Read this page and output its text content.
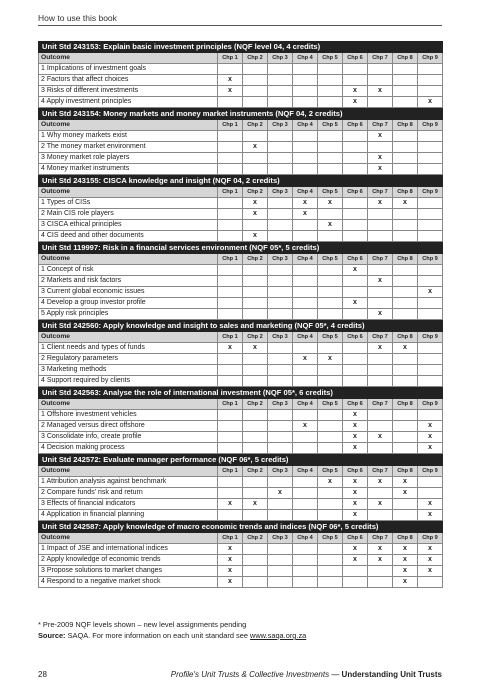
How to use this book
Unit Std 243153: Explain basic investment principles (NQF level 04, 4 credits)									
Outcome	Chp 1	Chp 2	Chp 3	Chp 4	Chp 5	Chp 6	Chp 7	Chp 8	Chp 9
1 Implications of investment goals									
2 Factors that affect choices	x								
3 Risks of different investments	x					x	x		
4 Apply investment principles						x			x
Unit Std 243154: Money markets and money market instruments (NQF 04, 2 credits)									
Outcome	Chp 1	Chp 2	Chp 3	Chp 4	Chp 5	Chp 6	Chp 7	Chp 8	Chp 9
1 Why money markets exist							x		
2 The money market environment		x							
3 Money market role players							x		
4 Money market instruments							x		
Unit Std 243155: CISCA knowledge and insight (NQF 04, 2 credits)									
Outcome	Chp 1	Chp 2	Chp 3	Chp 4	Chp 5	Chp 6	Chp 7	Chp 8	Chp 9
1 Types of CISs		x		x	x		x	x	
2 Main CIS role players		x		x					
3 CISCA ethical principles					x				
4 CIS deed and other documents		x							
Unit Std 119997: Risk in a financial services environment (NQF 05*, 5 credits)									
Outcome	Chp 1	Chp 2	Chp 3	Chp 4	Chp 5	Chp 6	Chp 7	Chp 8	Chp 9
1 Concept of risk						x			
2 Markets and risk factors							x		
3 Current global economic issues									x
4 Develop a group investor profile						x			
5 Apply risk principles							x		
Unit Std 242560: Apply knowledge and insight to sales and marketing (NQF 05*, 4 credits)									
Outcome	Chp 1	Chp 2	Chp 3	Chp 4	Chp 5	Chp 6	Chp 7	Chp 8	Chp 9
1 Client needs and types of funds	x	x					x	x	
2 Regulatory parameters				x	x				
3 Marketing methods									
4 Support required by clients									
Unit Std 242563: Analyse the role of international investment (NQF 05*, 6 credits)									
Outcome	Chp 1	Chp 2	Chp 3	Chp 4	Chp 5	Chp 6	Chp 7	Chp 8	Chp 9
1 Offshore investment vehicles						x			
2 Managed versus direct offshore				x		x			x
3 Consolidate info, create profile						x	x		x
4 Decision making process						x			x
Unit Std 242572: Evaluate manager performance (NQF 06*, 5 credits)									
Outcome	Chp 1	Chp 2	Chp 3	Chp 4	Chp 5	Chp 6	Chp 7	Chp 8	Chp 9
1 Attribution analysis against benchmark					x	x	x	x	
2 Compare funds' risk and return			x			x		x	
3 Effects of financial indicators	x	x				x	x		x
4 Application in financial planning						x			x
Unit Std 242587: Apply knowledge of macro economic trends and indices (NQF 06*, 5 credits)									
Outcome	Chp 1	Chp 2	Chp 3	Chp 4	Chp 5	Chp 6	Chp 7	Chp 8	Chp 9
1 Impact of JSE and international indices	x					x	x	x	x
2 Apply knowledge of economic trends	x					x	x	x	x
3 Propose solutions to market changes	x							x	x
4 Respond to a negative market shock	x							x	
* Pre-2009 NQF levels shown – new level assignments pending
Source: SAQA. For more information on each unit standard see www.saqa.org.za
28	Profile's Unit Trusts & Collective Investments — Understanding Unit Trusts
